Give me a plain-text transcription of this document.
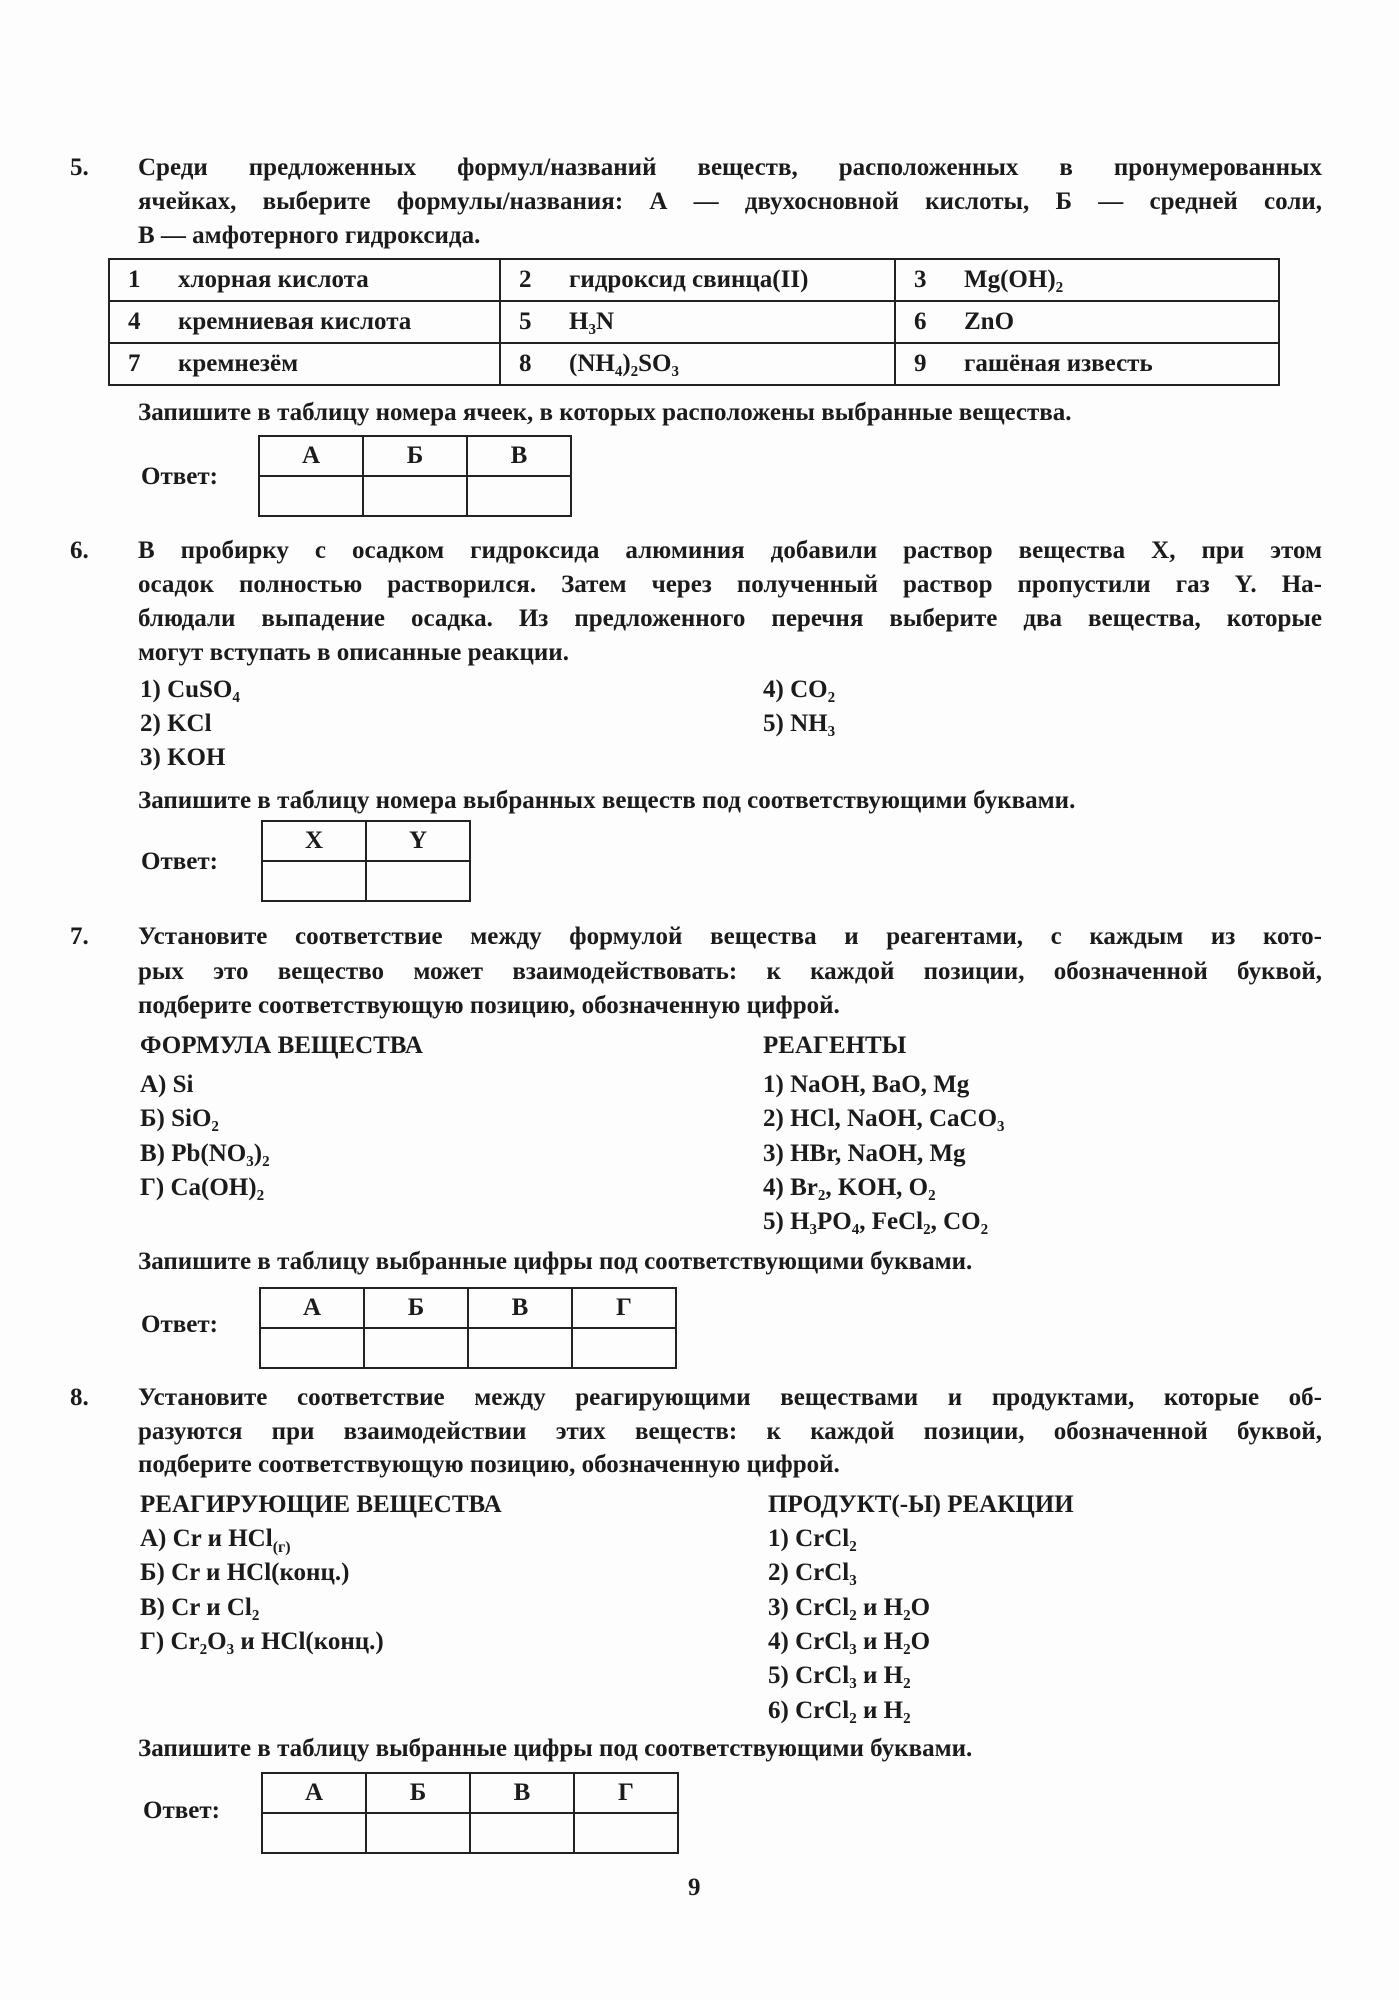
5. Среди предложенных формул/названий веществ, расположенных в пронумерованных
ячейках, выберите формулы/названия: А — двухосновной кислоты, Б — средней соли,
В — амфотерного гидроксида.
1 хлорная кислота	2 гидроксид свинца(II)	3 Mg(OH)₂
4 кремниевая кислота	5 H₃N	6 ZnO
7 кремнезём	8 (NH₄)₂SO₃	9 гашёная известь
Запишите в таблицу номера ячеек, в которых расположены выбранные вещества.
Ответ:
А	Б	В

6. В пробирку с осадком гидроксида алюминия добавили раствор вещества X, при этом
осадок полностью растворился. Затем через полученный раствор пропустили газ Y. На-
блюдали выпадение осадка. Из предложенного перечня выберите два вещества, которые
могут вступать в описанные реакции.
1) CuSO₄
2) KCl
3) KOH
4) CO₂
5) NH₃
Запишите в таблицу номера выбранных веществ под соответствующими буквами.
Ответ:
X	Y

7. Установите соответствие между формулой вещества и реагентами, с каждым из кото-
рых это вещество может взаимодействовать: к каждой позиции, обозначенной буквой,
подберите соответствующую позицию, обозначенную цифрой.
ФОРМУЛА ВЕЩЕСТВА	РЕАГЕНТЫ
А) Si
Б) SiO₂
В) Pb(NO₃)₂
Г) Ca(OH)₂
1) NaOH, BaO, Mg
2) HCl, NaOH, CaCO₃
3) HBr, NaOH, Mg
4) Br₂, KOH, O₂
5) H₃PO₄, FeCl₂, CO₂
Запишите в таблицу выбранные цифры под соответствующими буквами.
Ответ:
А	Б	В	Г

8. Установите соответствие между реагирующими веществами и продуктами, которые об-
разуются при взаимодействии этих веществ: к каждой позиции, обозначенной буквой,
подберите соответствующую позицию, обозначенную цифрой.
РЕАГИРУЮЩИЕ ВЕЩЕСТВА	ПРОДУКТ(-Ы) РЕАКЦИИ
А) Cr и HCl$_{(г)}$
Б) Cr и HCl(конц.)
В) Cr и Cl₂
Г) Cr₂O₃ и HCl(конц.)
1) CrCl₂
2) CrCl₃
3) CrCl₂ и H₂O
4) CrCl₃ и H₂O
5) CrCl₃ и H₂
6) CrCl₂ и H₂
Запишите в таблицу выбранные цифры под соответствующими буквами.
Ответ:
А	Б	В	Г

9
